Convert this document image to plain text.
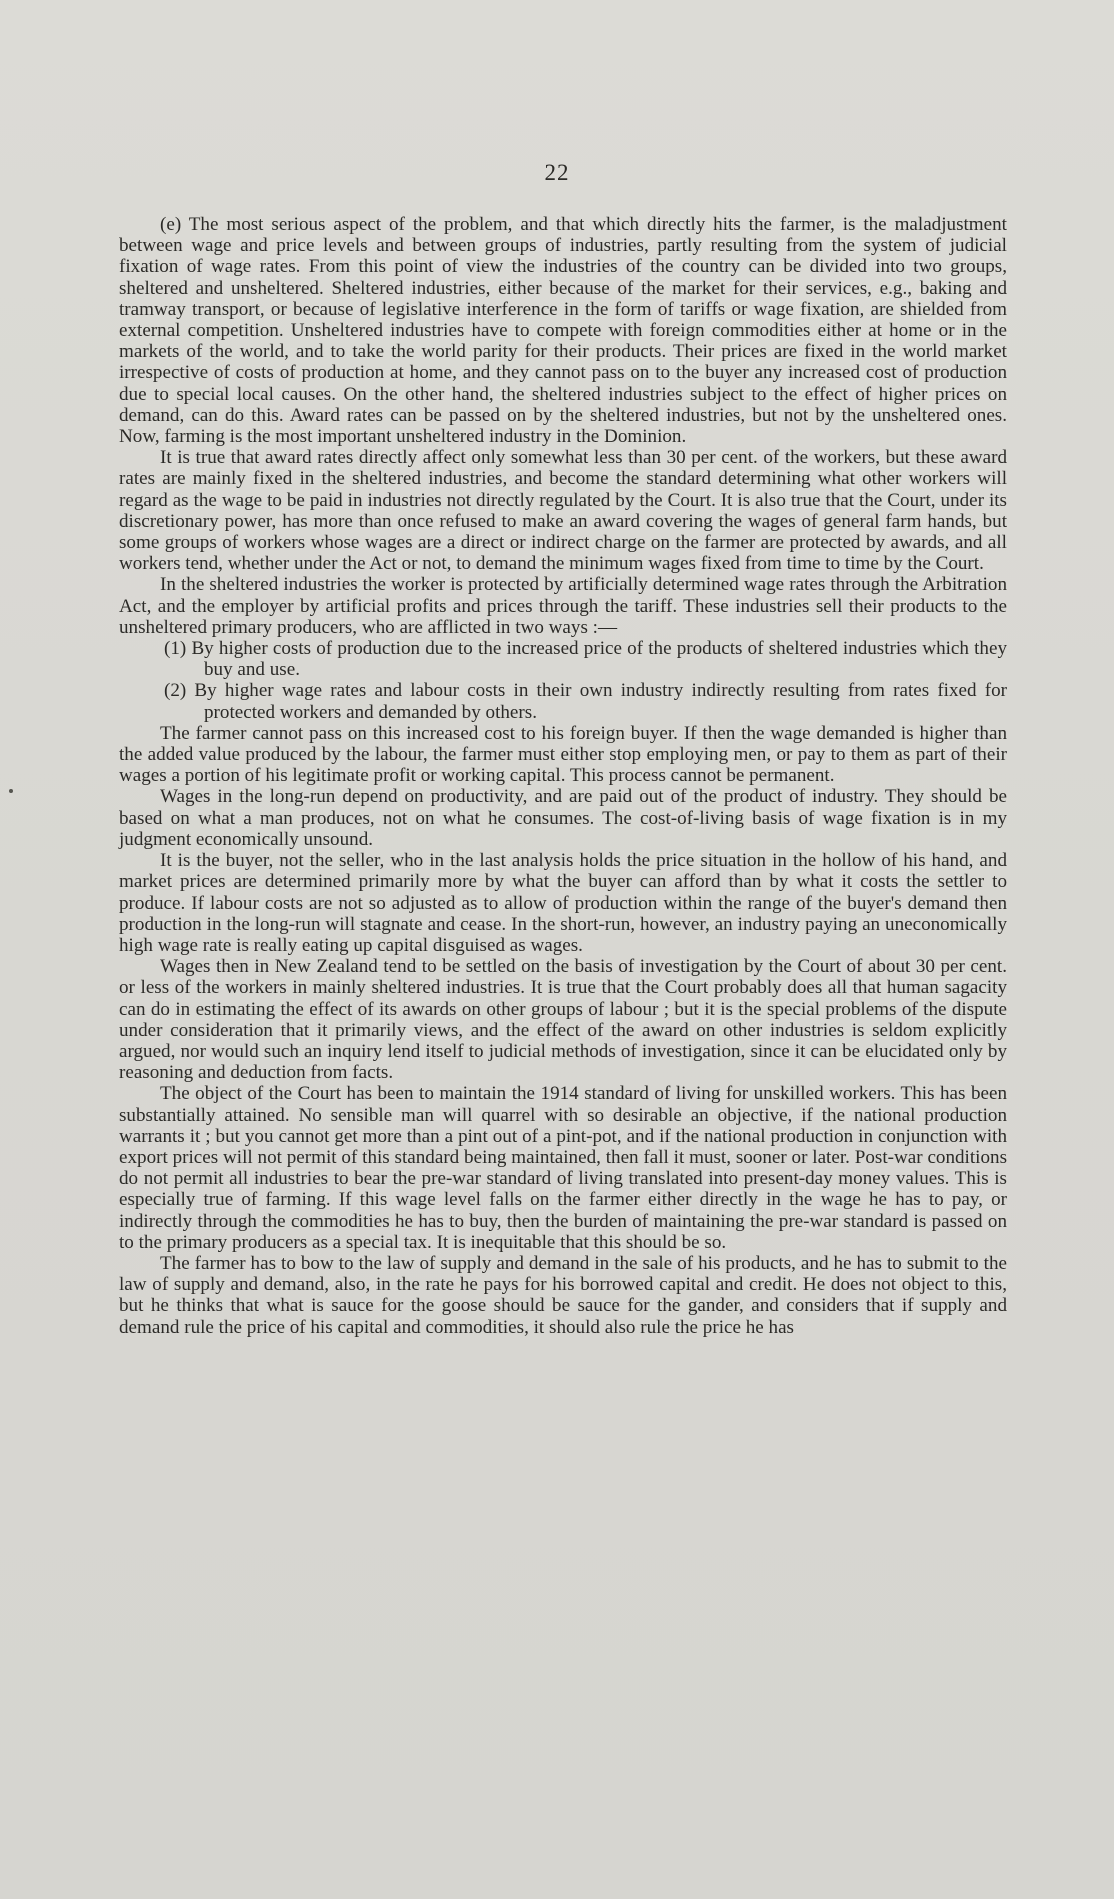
22

(e) The most serious aspect of the problem, and that which directly hits the farmer, is the maladjustment between wage and price levels and between groups of industries, partly resulting from the system of judicial fixation of wage rates. From this point of view the industries of the country can be divided into two groups, sheltered and unsheltered. Sheltered industries, either because of the market for their services, e.g., baking and tramway transport, or because of legislative interference in the form of tariffs or wage fixation, are shielded from external competition. Unsheltered industries have to compete with foreign commodities either at home or in the markets of the world, and to take the world parity for their products. Their prices are fixed in the world market irrespective of costs of production at home, and they cannot pass on to the buyer any increased cost of production due to special local causes. On the other hand, the sheltered industries subject to the effect of higher prices on demand, can do this. Award rates can be passed on by the sheltered industries, but not by the unsheltered ones. Now, farming is the most important unsheltered industry in the Dominion.

It is true that award rates directly affect only somewhat less than 30 per cent. of the workers, but these award rates are mainly fixed in the sheltered industries, and become the standard determining what other workers will regard as the wage to be paid in industries not directly regulated by the Court. It is also true that the Court, under its discretionary power, has more than once refused to make an award covering the wages of general farm hands, but some groups of workers whose wages are a direct or indirect charge on the farmer are protected by awards, and all workers tend, whether under the Act or not, to demand the minimum wages fixed from time to time by the Court.

In the sheltered industries the worker is protected by artificially determined wage rates through the Arbitration Act, and the employer by artificial profits and prices through the tariff. These industries sell their products to the unsheltered primary producers, who are afflicted in two ways :—

(1) By higher costs of production due to the increased price of the products of sheltered industries which they buy and use.

(2) By higher wage rates and labour costs in their own industry indirectly resulting from rates fixed for protected workers and demanded by others.

The farmer cannot pass on this increased cost to his foreign buyer. If then the wage demanded is higher than the added value produced by the labour, the farmer must either stop employing men, or pay to them as part of their wages a portion of his legitimate profit or working capital. This process cannot be permanent.

Wages in the long-run depend on productivity, and are paid out of the product of industry. They should be based on what a man produces, not on what he consumes. The cost-of-living basis of wage fixation is in my judgment economically unsound.

It is the buyer, not the seller, who in the last analysis holds the price situation in the hollow of his hand, and market prices are determined primarily more by what the buyer can afford than by what it costs the settler to produce. If labour costs are not so adjusted as to allow of production within the range of the buyer's demand then production in the long-run will stagnate and cease. In the short-run, however, an industry paying an uneconomically high wage rate is really eating up capital disguised as wages.

Wages then in New Zealand tend to be settled on the basis of investigation by the Court of about 30 per cent. or less of the workers in mainly sheltered industries. It is true that the Court probably does all that human sagacity can do in estimating the effect of its awards on other groups of labour ; but it is the special problems of the dispute under consideration that it primarily views, and the effect of the award on other industries is seldom explicitly argued, nor would such an inquiry lend itself to judicial methods of investigation, since it can be elucidated only by reasoning and deduction from facts.

The object of the Court has been to maintain the 1914 standard of living for unskilled workers. This has been substantially attained. No sensible man will quarrel with so desirable an objective, if the national production warrants it ; but you cannot get more than a pint out of a pint-pot, and if the national production in conjunction with export prices will not permit of this standard being maintained, then fall it must, sooner or later. Post-war conditions do not permit all industries to bear the pre-war standard of living translated into present-day money values. This is especially true of farming. If this wage level falls on the farmer either directly in the wage he has to pay, or indirectly through the commodities he has to buy, then the burden of maintaining the pre-war standard is passed on to the primary producers as a special tax. It is inequitable that this should be so.

The farmer has to bow to the law of supply and demand in the sale of his products, and he has to submit to the law of supply and demand, also, in the rate he pays for his borrowed capital and credit. He does not object to this, but he thinks that what is sauce for the goose should be sauce for the gander, and considers that if supply and demand rule the price of his capital and commodities, it should also rule the price he has
